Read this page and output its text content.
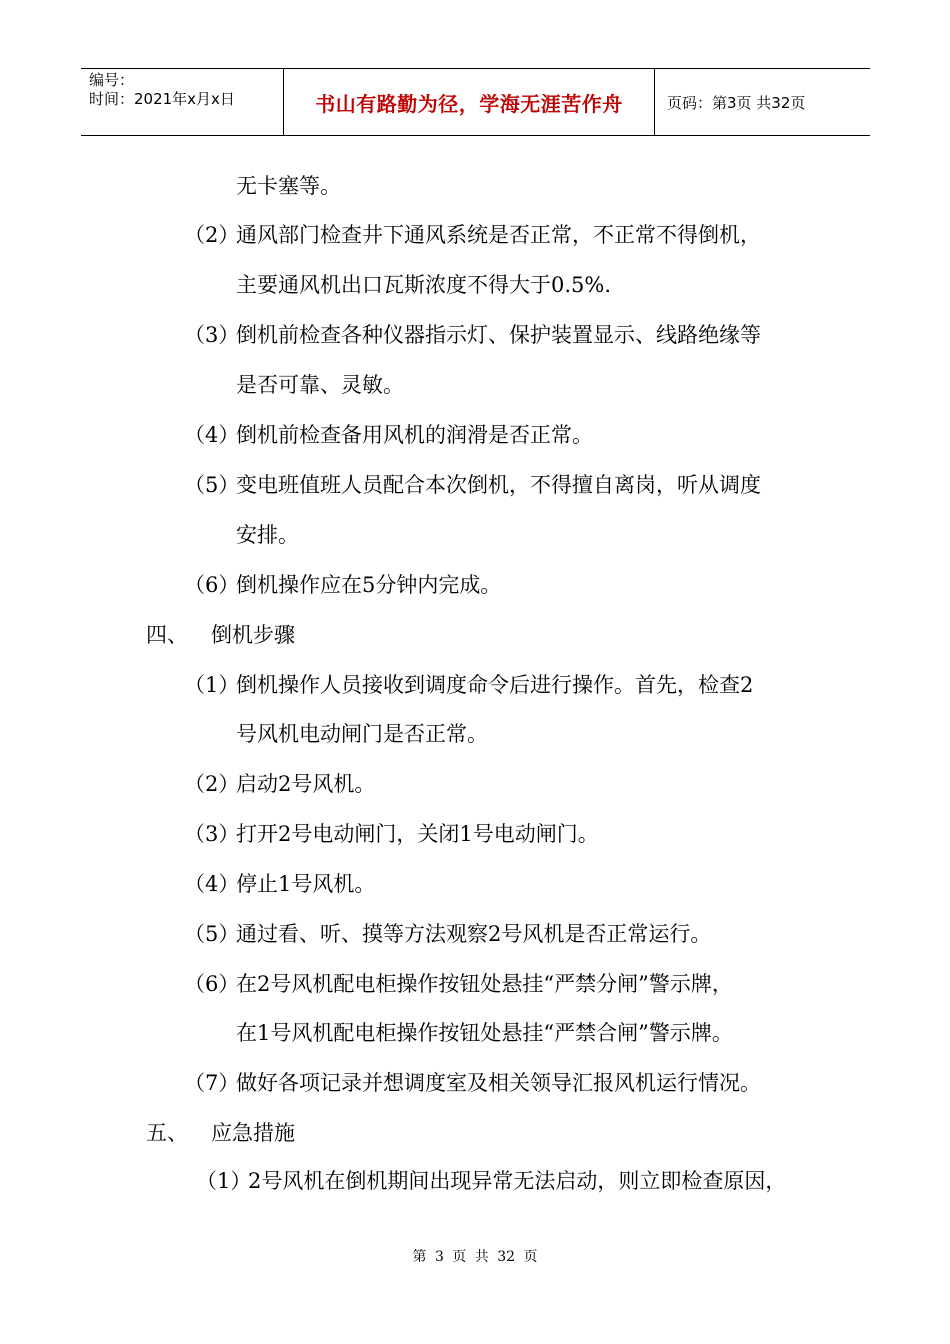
编号：
时间：2021年x月x日	书山有路勤为径，学海无涯苦作舟	页码：第3页 共32页
无卡塞等。
（2）通风部门检查井下通风系统是否正常，不正常不得倒机，
主要通风机出口瓦斯浓度不得大于0.5%.
（3）倒机前检查各种仪器指示灯、保护装置显示、线路绝缘等
是否可靠、灵敏。
（4）倒机前检查备用风机的润滑是否正常。
（5）变电班值班人员配合本次倒机，不得擅自离岗，听从调度
安排。
（6）倒机操作应在5分钟内完成。
四、 倒机步骤
（1）倒机操作人员接收到调度命令后进行操作。首先，检查2
号风机电动闸门是否正常。
（2）启动2号风机。
（3）打开2号电动闸门，关闭1号电动闸门。
（4）停止1号风机。
（5）通过看、听、摸等方法观察2号风机是否正常运行。
（6）在2号风机配电柜操作按钮处悬挂“严禁分闸”警示牌，
在1号风机配电柜操作按钮处悬挂“严禁合闸”警示牌。
（7）做好各项记录并想调度室及相关领导汇报风机运行情况。
五、 应急措施
（1）2号风机在倒机期间出现异常无法启动，则立即检查原因，
第 3 页 共 32 页
